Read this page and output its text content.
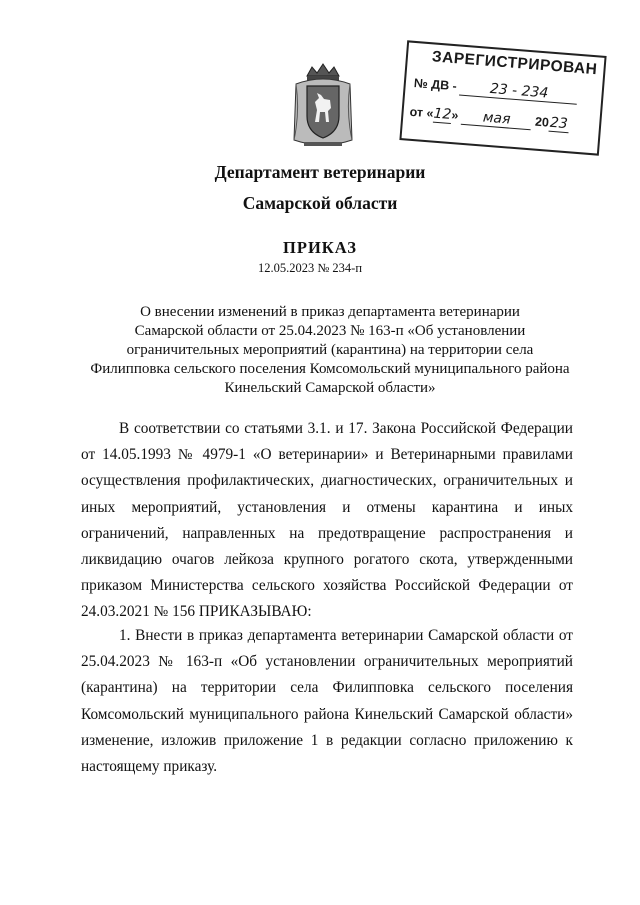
ЗАРЕГИСТРИРОВАН
№ ДВ - 23 - 234
от «12» мая 2023
Департамент ветеринарии
Самарской области
ПРИКАЗ
12.05.2023 № 234-п
О внесении изменений в приказ департамента ветеринарии
Самарской области от 25.04.2023 № 163-п «Об установлении
ограничительных мероприятий (карантина) на территории села
Филипповка сельского поселения Комсомольский муниципального района
Кинельский Самарской области»
В соответствии со статьями 3.1. и 17. Закона Российской Федерации от 14.05.1993 № 4979-1 «О ветеринарии» и Ветеринарными правилами осуществления профилактических, диагностических, ограничительных и иных мероприятий, установления и отмены карантина и иных ограничений, направленных на предотвращение распространения и ликвидацию очагов лейкоза крупного рогатого скота, утвержденными приказом Министерства сельского хозяйства Российской Федерации от 24.03.2021 № 156 ПРИКАЗЫВАЮ:
1. Внести в приказ департамента ветеринарии Самарской области от 25.04.2023 № 163-п «Об установлении ограничительных мероприятий (карантина) на территории села Филипповка сельского поселения Комсомольский муниципального района Кинельский Самарской области» изменение, изложив приложение 1 в редакции согласно приложению к настоящему приказу.
